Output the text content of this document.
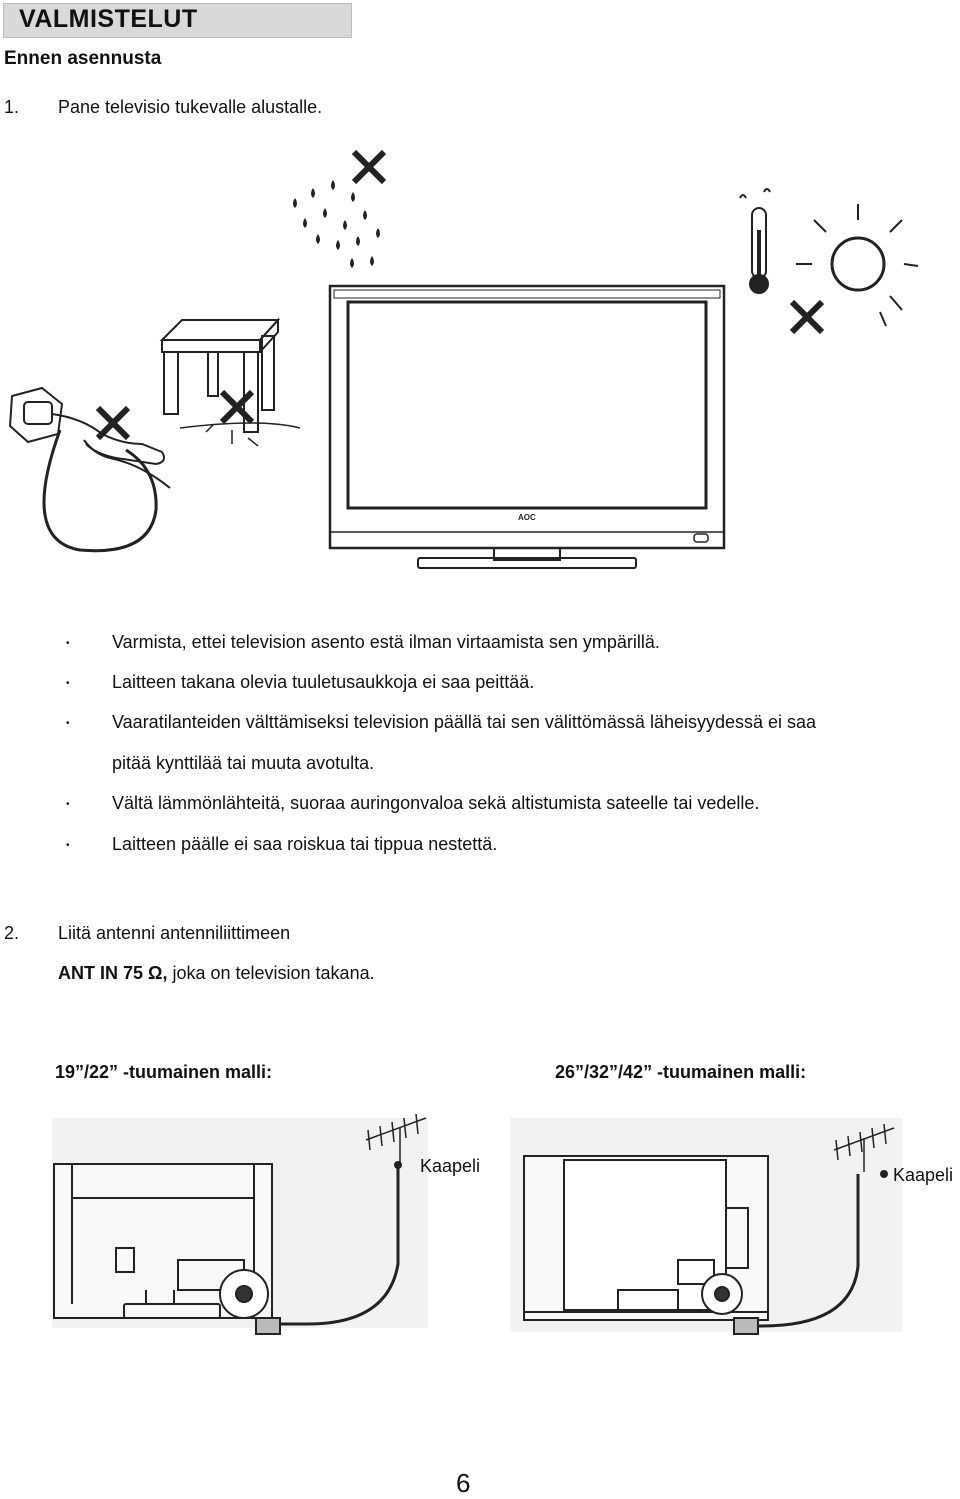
VALMISTELUT
Ennen asennusta
1. Pane televisio tukevalle alustalle.
AOC
• Varmista, ettei television asento estä ilman virtaamista sen ympärillä.
• Laitteen takana olevia tuuletusaukkoja ei saa peittää.
• Vaaratilanteiden välttämiseksi television päällä tai sen välittömässä läheisyydessä ei saa
pitää kynttilää tai muuta avotulta.
• Vältä lämmönlähteitä, suoraa auringonvaloa sekä altistumista sateelle tai vedelle.
• Laitteen päälle ei saa roiskua tai tippua nestettä.
2. Liitä antenni antenniliittimeen
ANT IN 75 Ω, joka on television takana.
19”/22” -tuumainen malli:	26”/32”/42” -tuumainen malli:
Kaapeli	Kaapeli
6
